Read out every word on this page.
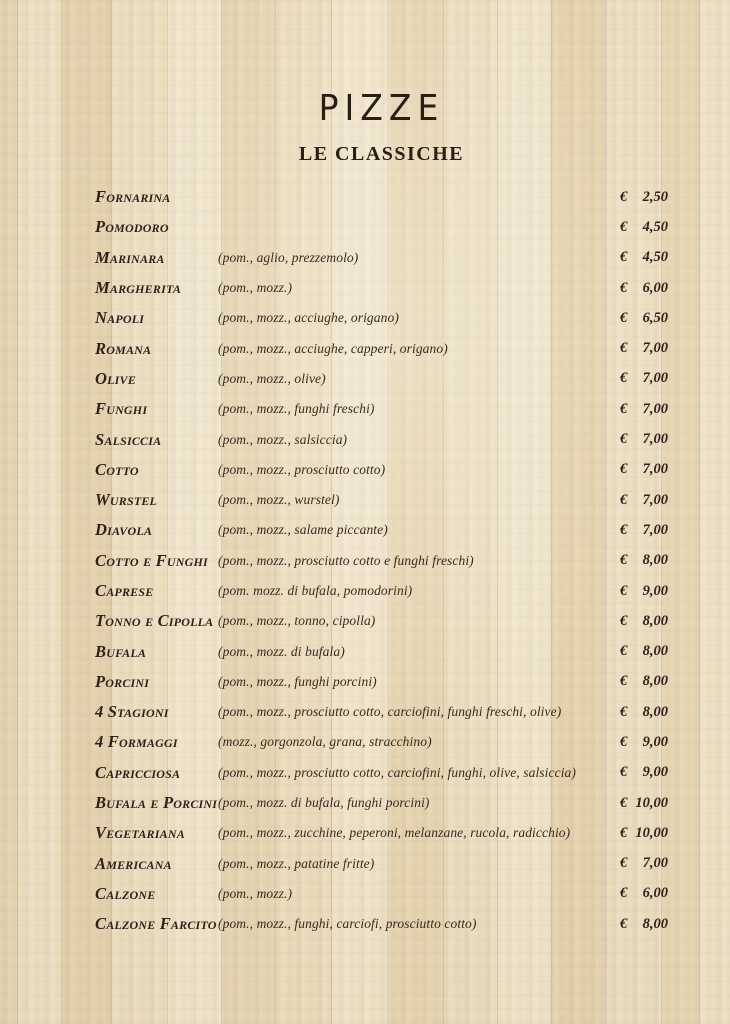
PIZZE
LE CLASSICHE
Fornarina	€ 2,50
Pomodoro	€ 4,50
Marinara	(pom., aglio, prezzemolo)	€ 4,50
Margherita	(pom., mozz.)	€ 6,00
Napoli	(pom., mozz., acciughe, origano)	€ 6,50
Romana	(pom., mozz., acciughe, capperi, origano)	€ 7,00
Olive	(pom., mozz., olive)	€ 7,00
Funghi	(pom., mozz., funghi freschi)	€ 7,00
Salsiccia	(pom., mozz., salsiccia)	€ 7,00
Cotto	(pom., mozz., prosciutto cotto)	€ 7,00
Wurstel	(pom., mozz., wurstel)	€ 7,00
Diavola	(pom., mozz., salame piccante)	€ 7,00
Cotto e Funghi (pom., mozz., prosciutto cotto e funghi freschi)	€ 8,00
Caprese	(pom. mozz. di bufala, pomodorini)	€ 9,00
Tonno e Cipolla (pom., mozz., tonno, cipolla)	€ 8,00
Bufala	(pom., mozz. di bufala)	€ 8,00
Porcini	(pom., mozz., funghi porcini)	€ 8,00
4 Stagioni	(pom., mozz., prosciutto cotto, carciofini, funghi freschi, olive)	€ 8,00
4 Formaggi	(mozz., gorgonzola, grana, stracchino)	€ 9,00
Capricciosa	(pom., mozz., prosciutto cotto, carciofini, funghi, olive, salsiccia)	€ 9,00
Bufala e Porcini (pom., mozz. di bufala, funghi porcini)	€ 10,00
Vegetariana	(pom., mozz., zucchine, peperoni, melanzane, rucola, radicchio)	€ 10,00
Americana	(pom., mozz., patatine fritte)	€ 7,00
Calzone	(pom., mozz.)	€ 6,00
Calzone Farcito (pom., mozz., funghi, carciofi, prosciutto cotto)	€ 8,00
